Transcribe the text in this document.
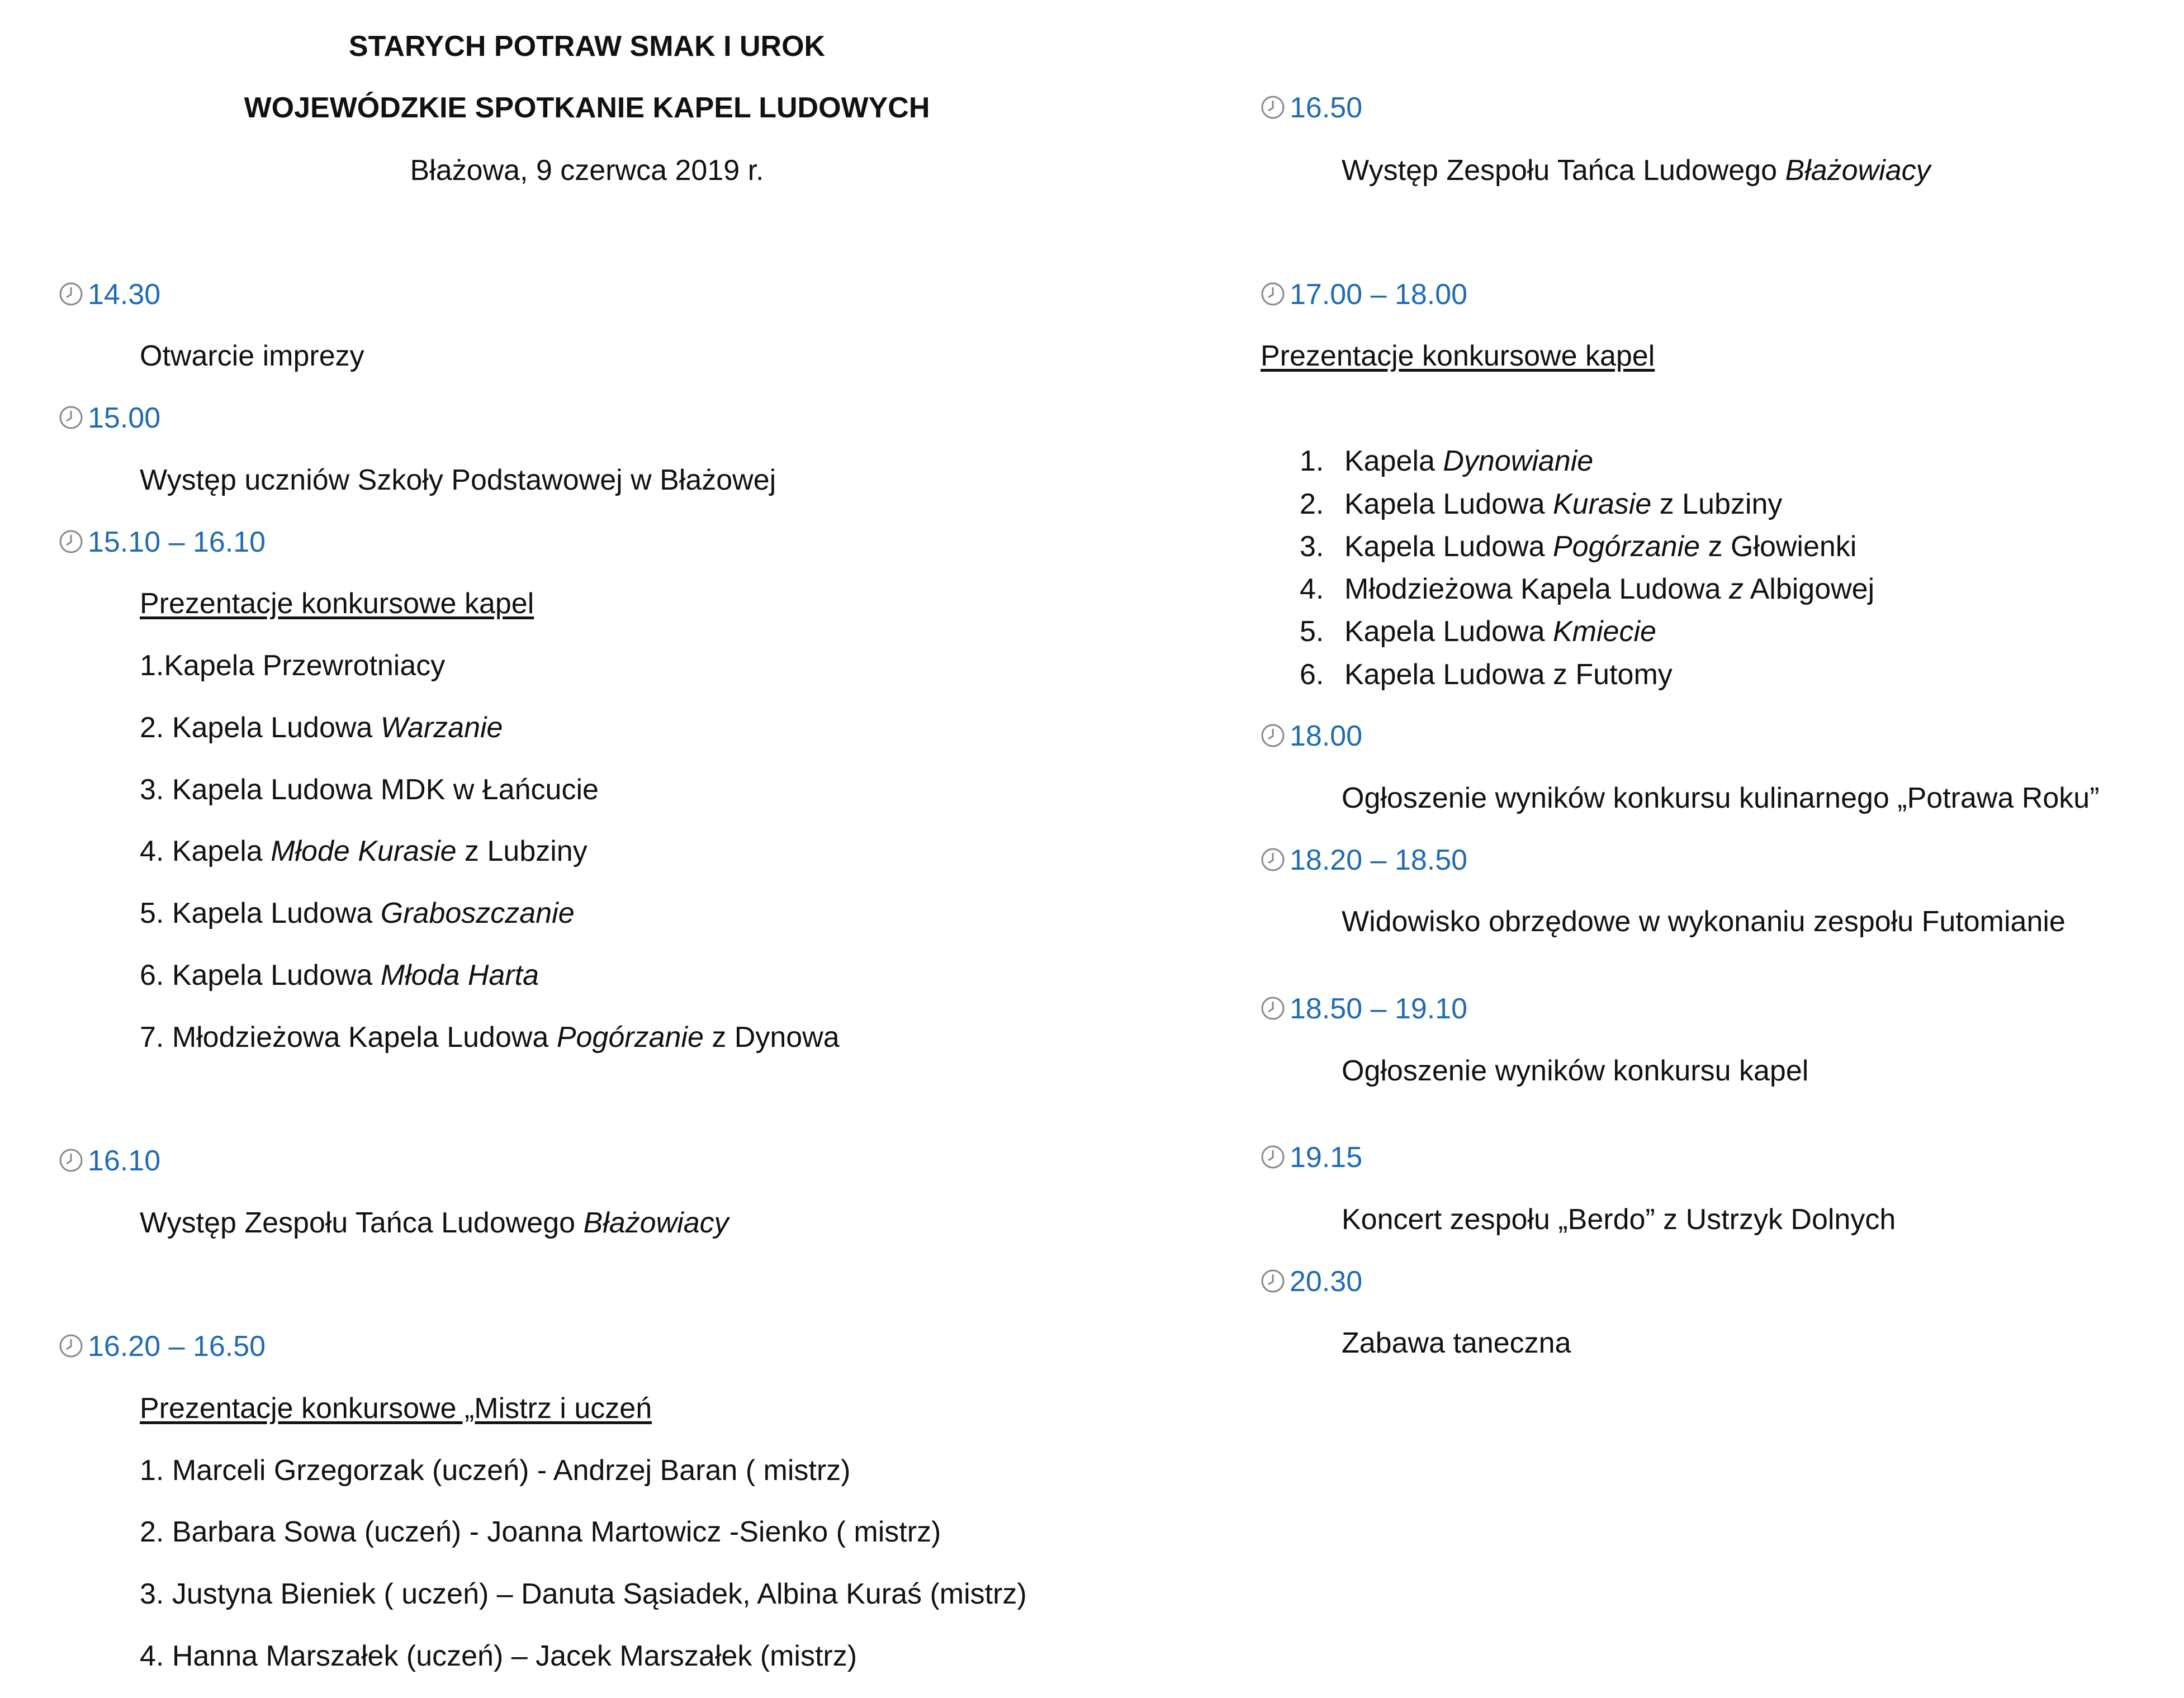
STARYCH POTRAW SMAK I UROK
WOJEWÓDZKIE SPOTKANIE KAPEL LUDOWYCH
Błażowa, 9 czerwca 2019 r.
14.30
Otwarcie imprezy
15.00
Występ uczniów Szkoły Podstawowej w Błażowej
15.10 – 16.10
Prezentacje konkursowe kapel
1.Kapela Przewrotniacy
2. Kapela Ludowa Warzanie
3. Kapela Ludowa MDK w Łańcucie
4. Kapela Młode Kurasie z Lubziny
5. Kapela Ludowa Graboszczanie
6. Kapela Ludowa Młoda Harta
7. Młodzieżowa Kapela Ludowa Pogórzanie z Dynowa
16.10
Występ Zespołu Tańca Ludowego Błażowiacy
16.20 – 16.50
Prezentacje konkursowe „Mistrz i uczeń
1. Marceli Grzegorzak (uczeń) - Andrzej Baran ( mistrz)
2. Barbara Sowa (uczeń) - Joanna Martowicz -Sienko ( mistrz)
3. Justyna Bieniek ( uczeń) – Danuta Sąsiadek, Albina Kuraś (mistrz)
4. Hanna Marszałek (uczeń) – Jacek Marszałek (mistrz)
16.50
Występ Zespołu Tańca Ludowego Błażowiacy
17.00 – 18.00
Prezentacje konkursowe kapel
1. Kapela Dynowianie
2. Kapela Ludowa Kurasie z Lubziny
3. Kapela Ludowa Pogórzanie z Głowienki
4. Młodzieżowa Kapela Ludowa z Albigowej
5. Kapela Ludowa Kmiecie
6. Kapela Ludowa z Futomy
18.00
Ogłoszenie wyników konkursu kulinarnego „Potrawa Roku”
18.20 – 18.50
Widowisko obrzędowe w wykonaniu zespołu Futomianie
18.50 – 19.10
Ogłoszenie wyników konkursu kapel
19.15
Koncert zespołu „Berdo” z Ustrzyk Dolnych
20.30
Zabawa taneczna
